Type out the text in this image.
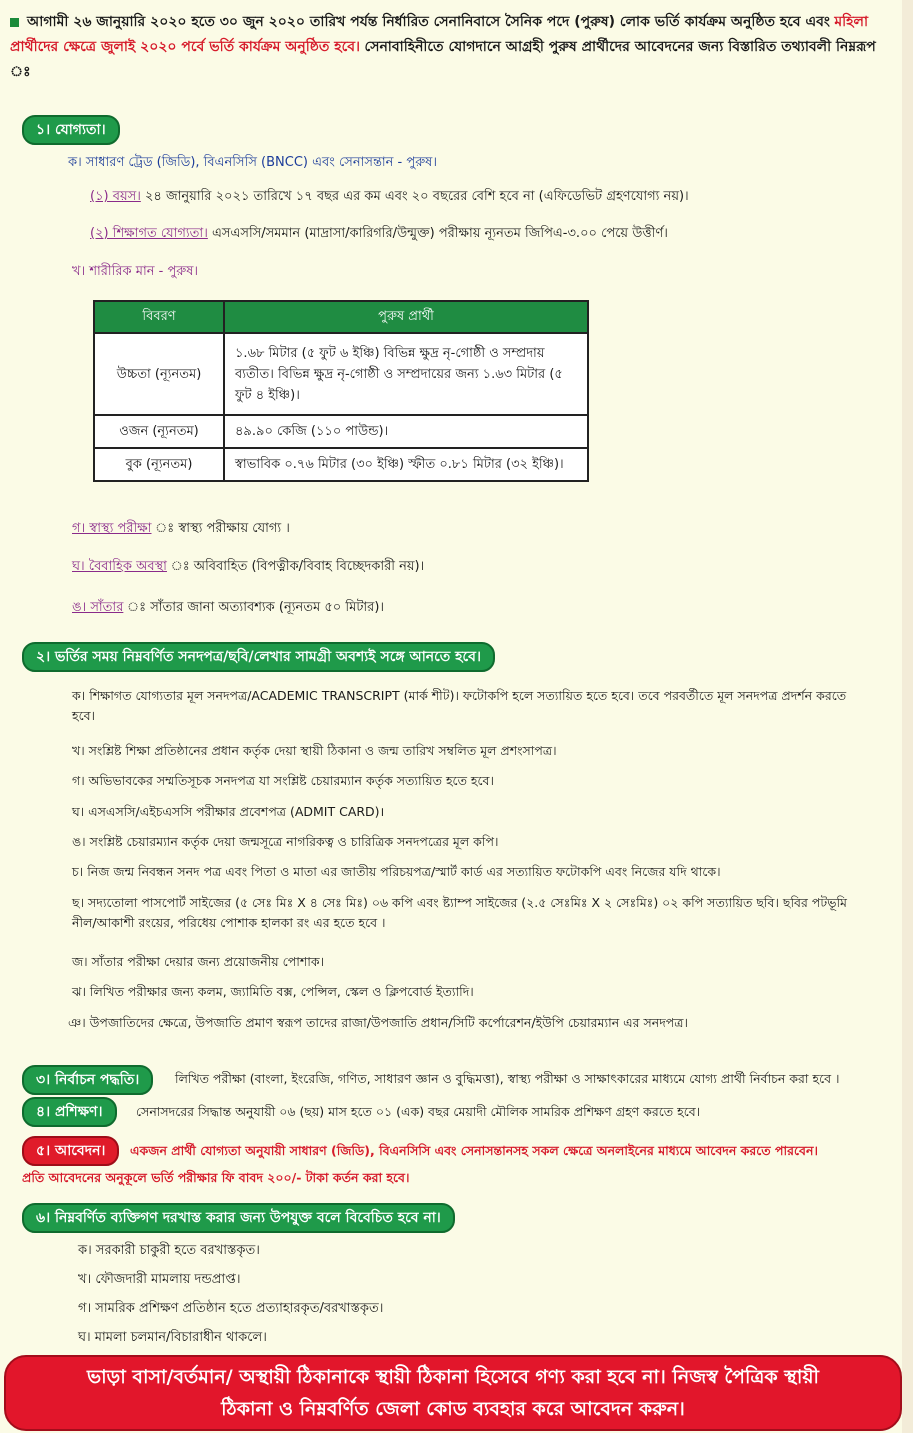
আগামী ২৬ জানুয়ারি ২০২০ হতে ৩০ জুন ২০২০ তারিখ পর্যন্ত নির্ধারিত সেনানিবাসে সৈনিক পদে (পুরুষ) লোক ভর্তি কার্যক্রম অনুষ্ঠিত হবে এবং মহিলা প্রার্থীদের ক্ষেত্রে জুলাই ২০২০ পর্বে ভর্তি কার্যক্রম অনুষ্ঠিত হবে। সেনাবাহিনীতে যোগদানে আগ্রহী পুরুষ প্রার্থীদের আবেদনের জন্য বিস্তারিত তথ্যাবলী নিম্নরূপ ঃ
১। যোগ্যতা।
ক। সাধারণ ট্রেড (জিডি), বিএনসিসি (BNCC) এবং সেনাসন্তান - পুরুষ।
(১) বয়স। ২৪ জানুয়ারি ২০২১ তারিখে ১৭ বছর এর কম এবং ২০ বছরের বেশি হবে না (এফিডেভিট গ্রহণযোগ্য নয়)।
(২) শিক্ষাগত যোগ্যতা। এসএসসি/সমমান (মাদ্রাসা/কারিগরি/উন্মুক্ত) পরীক্ষায় ন্যূনতম জিপিএ-৩.০০ পেয়ে উত্তীর্ণ।
খ। শারীরিক মান - পুরুষ।
বিবরণ	পুরুষ প্রার্থী
উচ্চতা (ন্যূনতম)	১.৬৮ মিটার (৫ ফুট ৬ ইঞ্চি) বিভিন্ন ক্ষুদ্র নৃ-গোষ্ঠী ও সম্প্রদায় ব্যতীত। বিভিন্ন ক্ষুদ্র নৃ-গোষ্ঠী ও সম্প্রদায়ের জন্য ১.৬৩ মিটার (৫ ফুট ৪ ইঞ্চি)।
ওজন (ন্যূনতম)	৪৯.৯০ কেজি (১১০ পাউন্ড)।
বুক (ন্যূনতম)	স্বাভাবিক ০.৭৬ মিটার (৩০ ইঞ্চি) স্ফীত ০.৮১ মিটার (৩২ ইঞ্চি)।
গ। স্বাস্থ্য পরীক্ষা ঃ স্বাস্থ্য পরীক্ষায় যোগ্য ।
ঘ। বৈবাহিক অবস্থা ঃ অবিবাহিত (বিপত্নীক/বিবাহ বিচ্ছেদকারী নয়)।
ঙ। সাঁতার ঃ সাঁতার জানা অত্যাবশ্যক (ন্যূনতম ৫০ মিটার)।
২। ভর্তির সময় নিম্নবর্ণিত সনদপত্র/ছবি/লেখার সামগ্রী অবশ্যই সঙ্গে আনতে হবে।
ক। শিক্ষাগত যোগ্যতার মূল সনদপত্র/ACADEMIC TRANSCRIPT (মার্ক শীট)। ফটোকপি হলে সত্যায়িত হতে হবে। তবে পরবর্তীতে মূল সনদপত্র প্রদর্শন করতে হবে।
খ। সংশ্লিষ্ট শিক্ষা প্রতিষ্ঠানের প্রধান কর্তৃক দেয়া স্থায়ী ঠিকানা ও জন্ম তারিখ সম্বলিত মূল প্রশংসাপত্র।
গ। অভিভাবকের সম্মতিসূচক সনদপত্র যা সংশ্লিষ্ট চেয়ারম্যান কর্তৃক সত্যায়িত হতে হবে।
ঘ। এসএসসি/এইচএসসি পরীক্ষার প্রবেশপত্র (ADMIT CARD)।
ঙ। সংশ্লিষ্ট চেয়ারম্যান কর্তৃক দেয়া জন্মসূত্রে নাগরিকত্ব ও চারিত্রিক সনদপত্রের মূল কপি।
চ। নিজ জন্ম নিবন্ধন সনদ পত্র এবং পিতা ও মাতা এর জাতীয় পরিচয়পত্র/স্মার্ট কার্ড এর সত্যায়িত ফটোকপি এবং নিজের যদি থাকে।
ছ। সদ্যতোলা পাসপোর্ট সাইজের (৫ সেঃ মিঃ X ৪ সেঃ মিঃ) ০৬ কপি এবং ষ্ট্যাম্প সাইজের (২.৫ সেঃমিঃ X ২ সেঃমিঃ) ০২ কপি সত্যায়িত ছবি। ছবির পটভূমি নীল/আকাশী রংয়ের, পরিধেয় পোশাক হালকা রং এর হতে হবে ।
জ। সাঁতার পরীক্ষা দেয়ার জন্য প্রয়োজনীয় পোশাক।
ঝ। লিখিত পরীক্ষার জন্য কলম, জ্যামিতি বক্স, পেন্সিল, স্কেল ও ক্লিপবোর্ড ইত্যাদি।
ঞ। উপজাতিদের ক্ষেত্রে, উপজাতি প্রমাণ স্বরূপ তাদের রাজা/উপজাতি প্রধান/সিটি কর্পোরেশন/ইউপি চেয়ারম্যান এর সনদপত্র।
৩। নির্বাচন পদ্ধতি।	লিখিত পরীক্ষা (বাংলা, ইংরেজি, গণিত, সাধারণ জ্ঞান ও বুদ্ধিমত্তা), স্বাস্থ্য পরীক্ষা ও সাক্ষাৎকারের মাধ্যমে যোগ্য প্রার্থী নির্বাচন করা হবে ।
৪। প্রশিক্ষণ।	সেনাসদরের সিদ্ধান্ত অনুযায়ী ০৬ (ছয়) মাস হতে ০১ (এক) বছর মেয়াদী মৌলিক সামরিক প্রশিক্ষণ গ্রহণ করতে হবে।
৫। আবেদন।	একজন প্রার্থী যোগ্যতা অনুযায়ী সাধারণ (জিডি), বিএনসিসি এবং সেনাসন্তানসহ সকল ক্ষেত্রে অনলাইনের মাধ্যমে আবেদন করতে পারবেন।
প্রতি আবেদনের অনুকূলে ভর্তি পরীক্ষার ফি বাবদ ২০০/- টাকা কর্তন করা হবে।
৬। নিম্নবর্ণিত ব্যক্তিগণ দরখাস্ত করার জন্য উপযুক্ত বলে বিবেচিত হবে না।
ক। সরকারী চাকুরী হতে বরখাস্তকৃত।
খ। ফৌজদারী মামলায় দন্ডপ্রাপ্ত।
গ। সামরিক প্রশিক্ষণ প্রতিষ্ঠান হতে প্রত্যাহারকৃত/বরখাস্তকৃত।
ঘ। মামলা চলমান/বিচারাধীন থাকলে।
ভাড়া বাসা/বর্তমান/ অস্থায়ী ঠিকানাকে স্থায়ী ঠিকানা হিসেবে গণ্য করা হবে না। নিজস্ব পৈত্রিক স্থায়ী
ঠিকানা ও নিম্নবর্ণিত জেলা কোড ব্যবহার করে আবেদন করুন।
